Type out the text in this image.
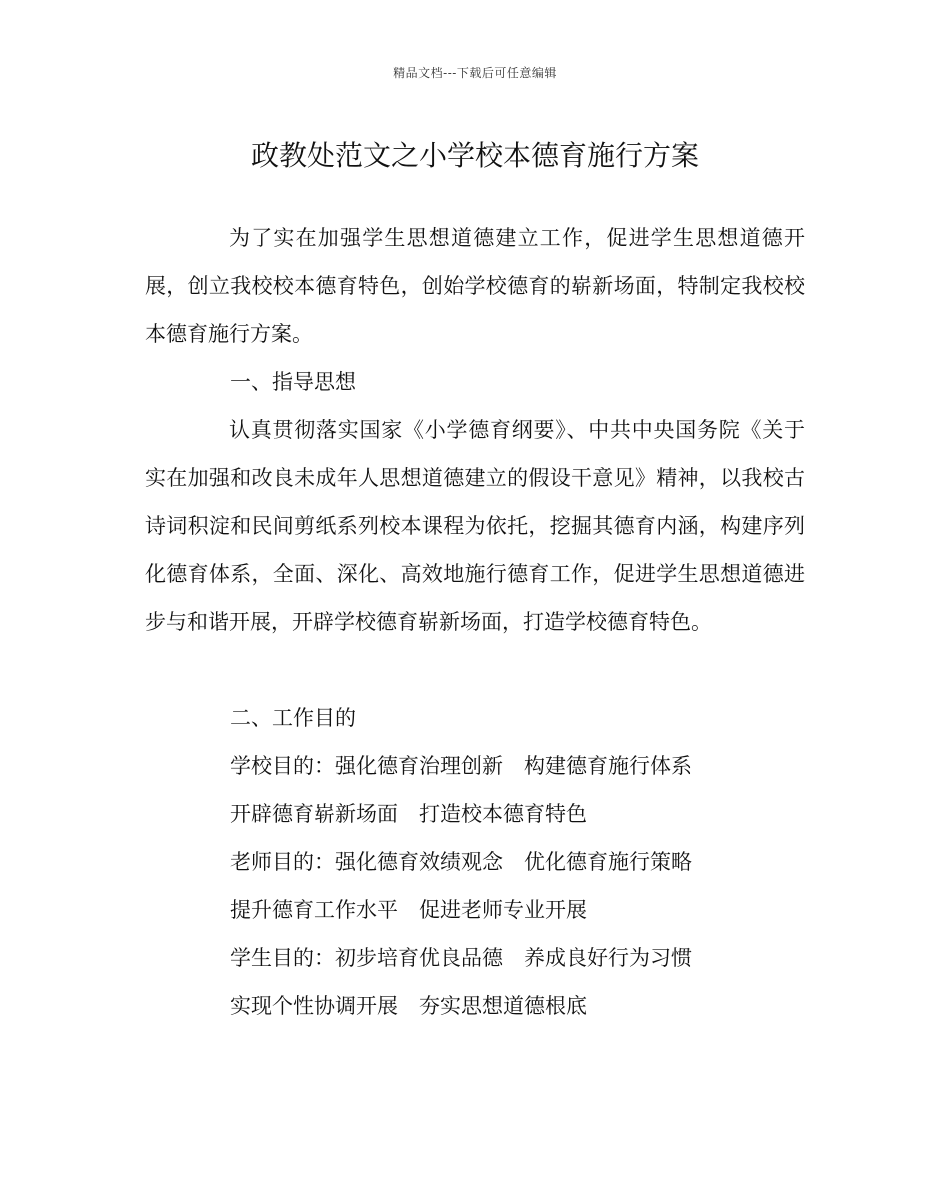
精品文档---下载后可任意编辑
政教处范文之小学校本德育施行方案

为了实在加强学生思想道德建立工作，促进学生思想道德开展，创立我校校本德育特色，创始学校德育的崭新场面，特制定我校校本德育施行方案。

一、指导思想

认真贯彻落实国家《小学德育纲要》、中共中央国务院《关于实在加强和改良未成年人思想道德建立的假设干意见》精神，以我校古诗词积淀和民间剪纸系列校本课程为依托，挖掘其德育内涵，构建序列化德育体系，全面、深化、高效地施行德育工作，促进学生思想道德进步与和谐开展，开辟学校德育崭新场面，打造学校德育特色。

二、工作目的

学校目的：强化德育治理创新　构建德育施行体系

开辟德育崭新场面　打造校本德育特色

老师目的：强化德育效绩观念　优化德育施行策略

提升德育工作水平　促进老师专业开展

学生目的：初步培育优良品德　养成良好行为习惯

实现个性协调开展　夯实思想道德根底
